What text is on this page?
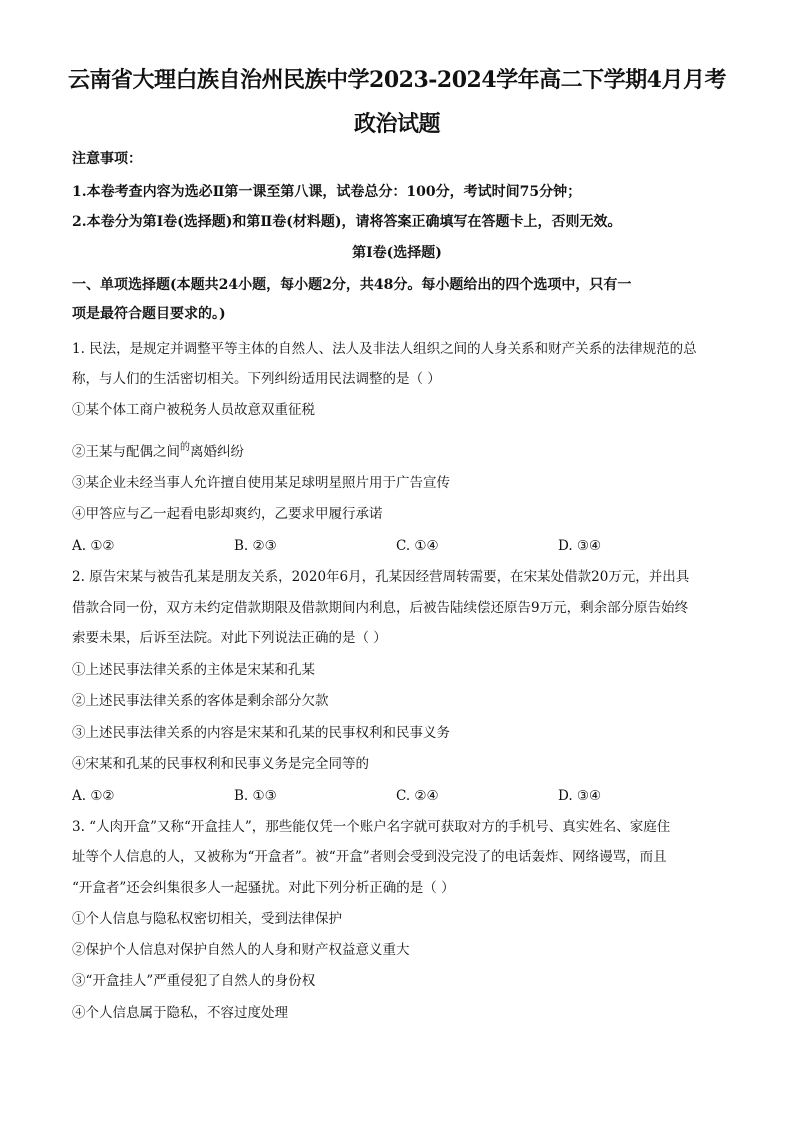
云南省大理白族自治州民族中学2023-2024学年高二下学期4月月考
政治试题
注意事项：
1.本卷考查内容为选必Ⅱ第一课至第八课，试卷总分：100分，考试时间75分钟；
2.本卷分为第Ⅰ卷(选择题)和第Ⅱ卷(材料题)，请将答案正确填写在答题卡上，否则无效。
第Ⅰ卷(选择题)
一、单项选择题(本题共24小题，每小题2分，共48分。每小题给出的四个选项中，只有一
项是最符合题目要求的。)
1. 民法，是规定并调整平等主体的自然人、法人及非法人组织之间的人身关系和财产关系的法律规范的总
称，与人们的生活密切相关。下列纠纷适用民法调整的是（ ）
①某个体工商户被税务人员故意双重征税
②王某与配偶之间$^的$离婚纠纷
③某企业未经当事人允许擅自使用某足球明星照片用于广告宣传
④甲答应与乙一起看电影却爽约，乙要求甲履行承诺
A. ①②	B. ②③	C. ①④	D. ③④
2. 原告宋某与被告孔某是朋友关系，2020年6月，孔某因经营周转需要，在宋某处借款20万元，并出具
借款合同一份，双方未约定借款期限及借款期间内利息，后被告陆续偿还原告9万元，剩余部分原告始终
索要未果，后诉至法院。对此下列说法正确的是（ ）
①上述民事法律关系的主体是宋某和孔某
②上述民事法律关系的客体是剩余部分欠款
③上述民事法律关系的内容是宋某和孔某的民事权利和民事义务
④宋某和孔某的民事权利和民事义务是完全同等的
A. ①②	B. ①③	C. ②④	D. ③④
3. “人肉开盒”又称“开盒挂人”，那些能仅凭一个账户名字就可获取对方的手机号、真实姓名、家庭住
址等个人信息的人，又被称为“开盒者”。被“开盒”者则会受到没完没了的电话轰炸、网络谩骂，而且
“开盒者”还会纠集很多人一起骚扰。对此下列分析正确的是（ ）
①个人信息与隐私权密切相关，受到法律保护
②保护个人信息对保护自然人的人身和财产权益意义重大
③“开盒挂人”严重侵犯了自然人的身份权
④个人信息属于隐私，不容过度处理
